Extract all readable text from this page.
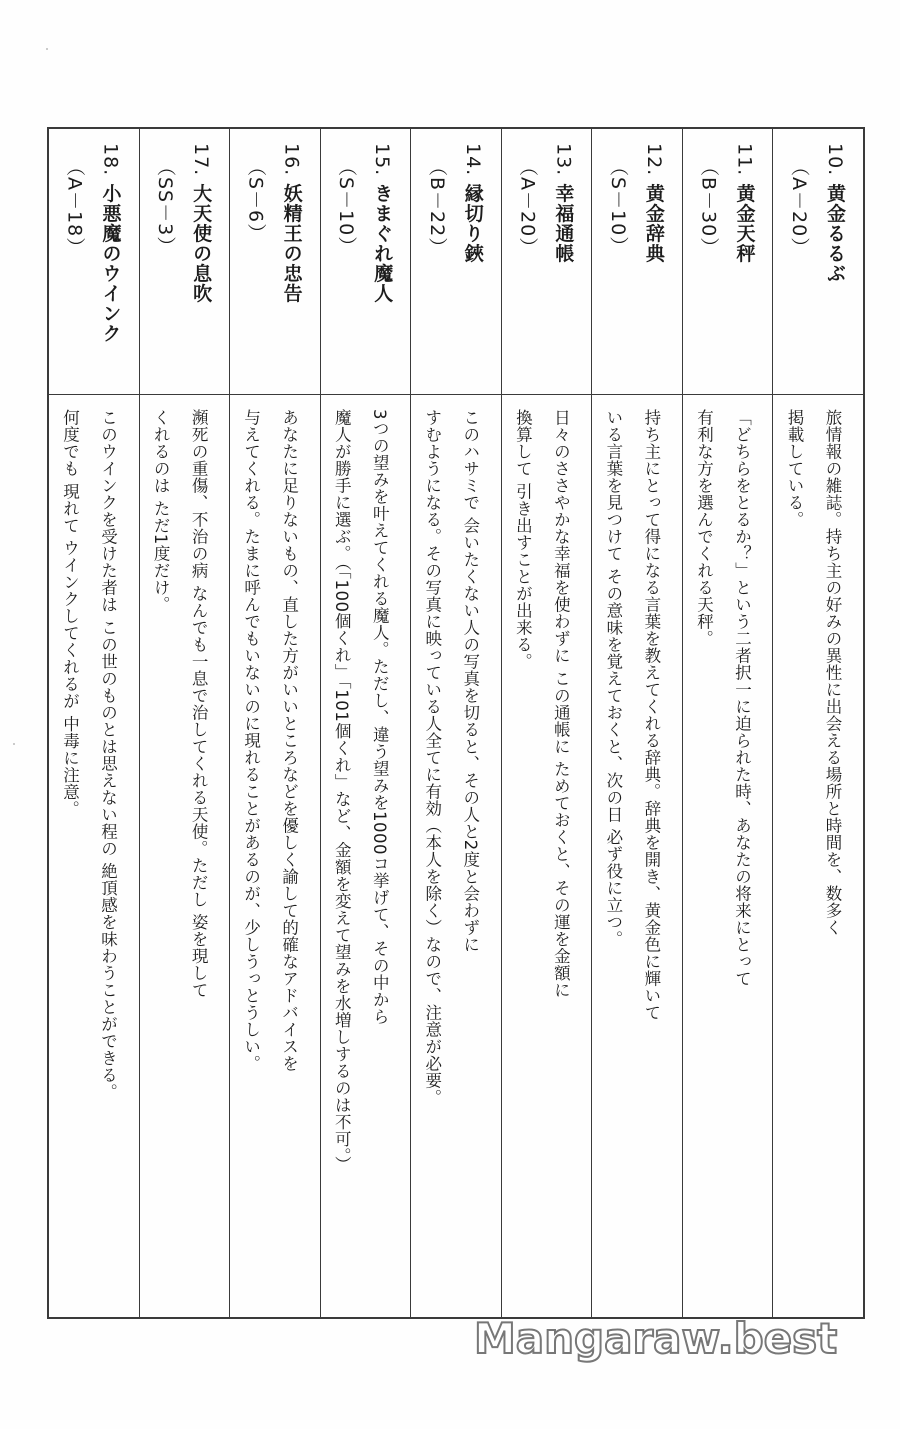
10. 黄金るるぶ
（A－20）
旅情報の雑誌。持ち主の好みの異性に出会える場所と時間を、数多く
掲載している。
11. 黄金天秤
（B－30）
「どちらをとるか？」という二者択一に迫られた時、あなたの将来にとって
有利な方を選んでくれる天秤。
12. 黄金辞典
（S－10）
持ち主にとって得になる言葉を教えてくれる辞典。辞典を開き、黄金色に輝いて
いる言葉を見つけて その意味を覚えておくと、次の日 必ず役に立つ。
13. 幸福通帳
（A－20）
日々のささやかな幸福を使わずに この通帳に ためておくと、その運を金額に
換算して 引き出すことが出来る。
14. 縁切り鋏
（B－22）
このハサミで 会いたくない人の写真を切ると、その人と2度と会わずに
すむようになる。その写真に映っている人全てに有効（本人を除く）なので、注意が必要。
15. きまぐれ魔人
（S－10）
3つの望みを叶えてくれる魔人。ただし、違う望みを1000コ挙げて、その中から
魔人が勝手に選ぶ。（「100個くれ」「101個くれ」など、金額を変えて望みを水増しするのは不可。）
16. 妖精王の忠告
（S－6）
あなたに足りないもの、直した方がいいところなどを優しく諭して的確なアドバイスを
与えてくれる。たまに呼んでもいないのに現れることがあるのが、少しうっとうしい。
17. 大天使の息吹
（SS－3）
瀕死の重傷、不治の病 なんでも一息で治してくれる天使。ただし 姿を現して
くれるのは ただ1度だけ。
18. 小悪魔のウインク
（A－18）
このウインクを受けた者は この世のものとは思えない程の 絶頂感を味わうことができる。
何度でも 現れて ウインクしてくれるが 中毒に注意。
Mangaraw.best
